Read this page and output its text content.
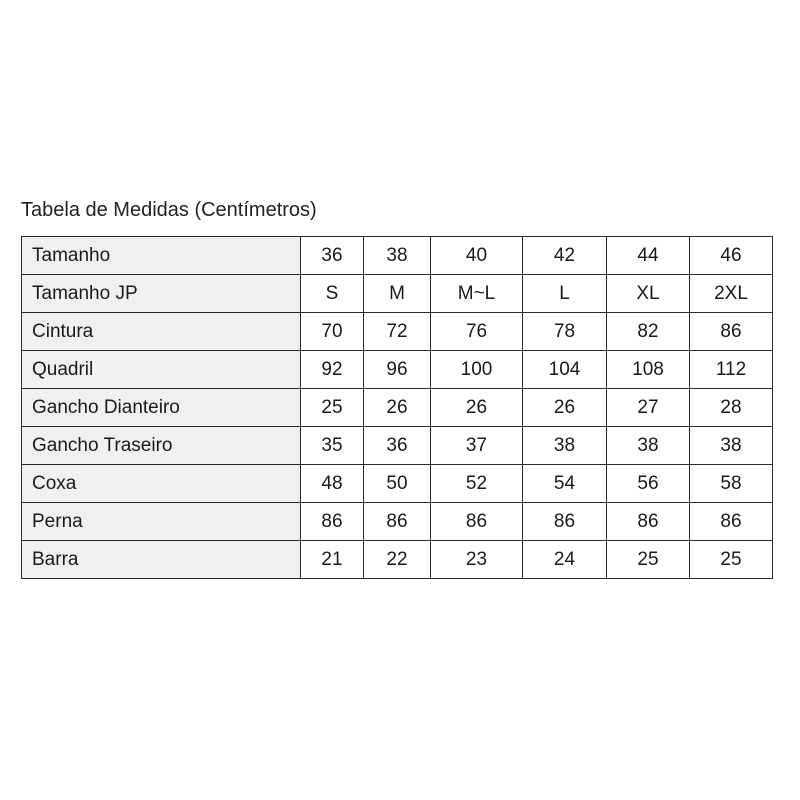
Tabela de Medidas (Centímetros)
Tamanho	36	38	40	42	44	46
Tamanho JP	S	M	M~L	L	XL	2XL
Cintura	70	72	76	78	82	86
Quadril	92	96	100	104	108	112
Gancho Dianteiro	25	26	26	26	27	28
Gancho Traseiro	35	36	37	38	38	38
Coxa	48	50	52	54	56	58
Perna	86	86	86	86	86	86
Barra	21	22	23	24	25	25
